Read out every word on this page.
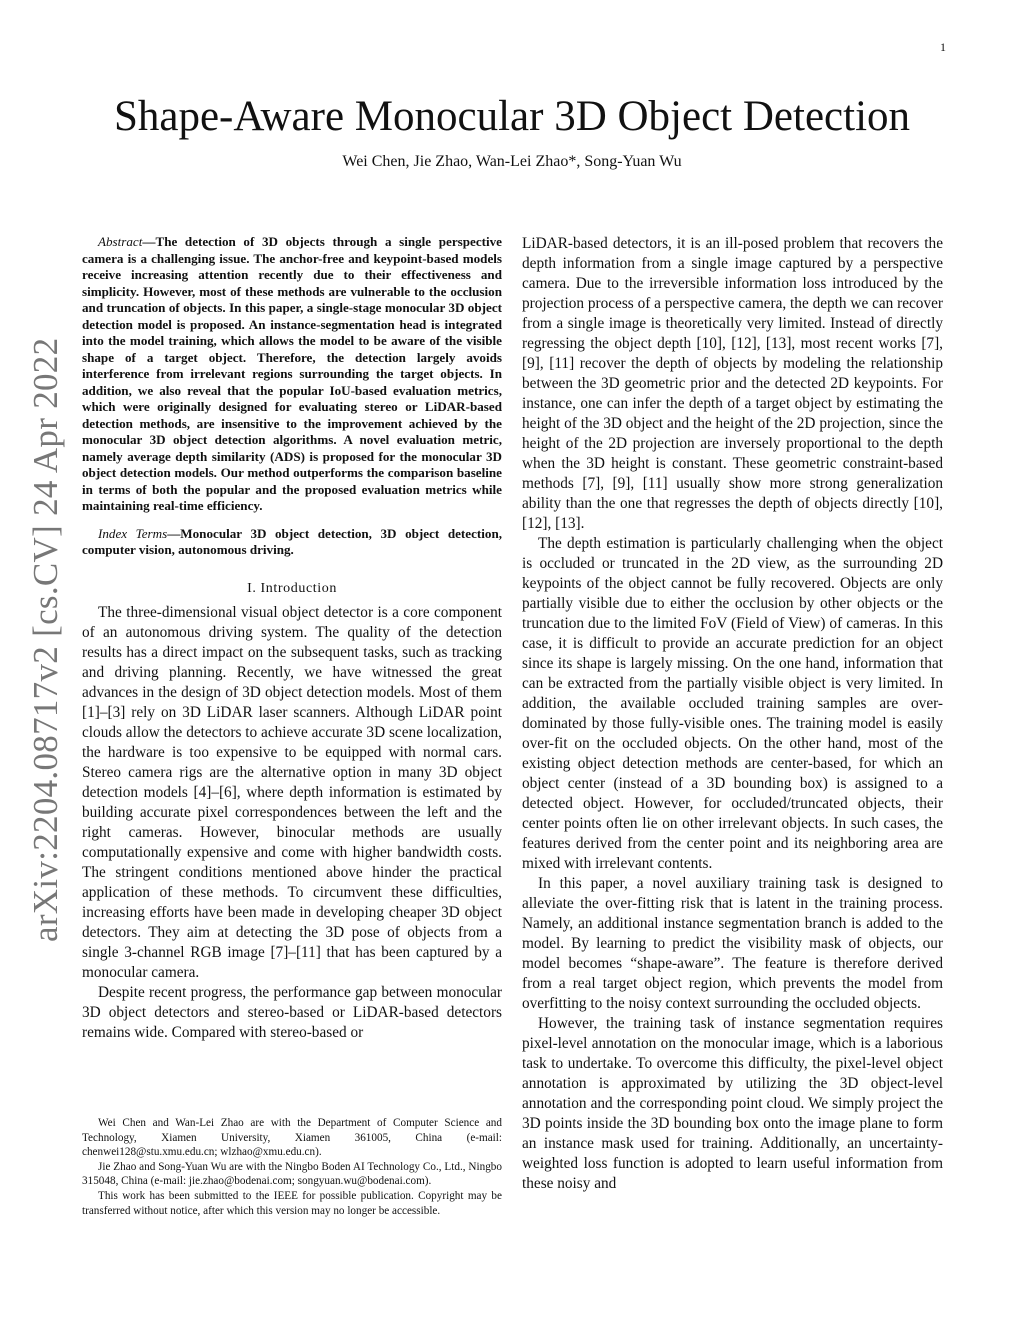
1
arXiv:2204.08717v2 [cs.CV] 24 Apr 2022
Shape-Aware Monocular 3D Object Detection
Wei Chen, Jie Zhao, Wan-Lei Zhao*, Song-Yuan Wu

Abstract—The detection of 3D objects through a single perspective camera is a challenging issue. The anchor-free and keypoint-based models receive increasing attention recently due to their effectiveness and simplicity. However, most of these methods are vulnerable to the occlusion and truncation of objects. In this paper, a single-stage monocular 3D object detection model is proposed. An instance-segmentation head is integrated into the model training, which allows the model to be aware of the visible shape of a target object. Therefore, the detection largely avoids interference from irrelevant regions surrounding the target objects. In addition, we also reveal that the popular IoU-based evaluation metrics, which were originally designed for evaluating stereo or LiDAR-based detection methods, are insensitive to the improvement achieved by the monocular 3D object detection algorithms. A novel evaluation metric, namely average depth similarity (ADS) is proposed for the monocular 3D object detection models. Our method outperforms the comparison baseline in terms of both the popular and the proposed evaluation metrics while maintaining real-time efficiency.

Index Terms—Monocular 3D object detection, 3D object detection, computer vision, autonomous driving.

I. Introduction

The three-dimensional visual object detector is a core component of an autonomous driving system. The quality of the detection results has a direct impact on the subsequent tasks, such as tracking and driving planning. Recently, we have witnessed the great advances in the design of 3D object detection models. Most of them [1]–[3] rely on 3D LiDAR laser scanners. Although LiDAR point clouds allow the detectors to achieve accurate 3D scene localization, the hardware is too expensive to be equipped with normal cars. Stereo camera rigs are the alternative option in many 3D object detection models [4]–[6], where depth information is estimated by building accurate pixel correspondences between the left and the right cameras. However, binocular methods are usually computationally expensive and come with higher bandwidth costs. The stringent conditions mentioned above hinder the practical application of these methods. To circumvent these difficulties, increasing efforts have been made in developing cheaper 3D object detectors. They aim at detecting the 3D pose of objects from a single 3-channel RGB image [7]–[11] that has been captured by a monocular camera.

Despite recent progress, the performance gap between monocular 3D object detectors and stereo-based or LiDAR-based detectors remains wide. Compared with stereo-based or

Wei Chen and Wan-Lei Zhao are with the Department of Computer Science and Technology, Xiamen University, Xiamen 361005, China (e-mail: chenwei128@stu.xmu.edu.cn; wlzhao@xmu.edu.cn).

Jie Zhao and Song-Yuan Wu are with the Ningbo Boden AI Technology Co., Ltd., Ningbo 315048, China (e-mail: jie.zhao@bodenai.com; songyuan.wu@bodenai.com).

This work has been submitted to the IEEE for possible publication. Copyright may be transferred without notice, after which this version may no longer be accessible.

LiDAR-based detectors, it is an ill-posed problem that recovers the depth information from a single image captured by a perspective camera. Due to the irreversible information loss introduced by the projection process of a perspective camera, the depth we can recover from a single image is theoretically very limited. Instead of directly regressing the object depth [10], [12], [13], most recent works [7], [9], [11] recover the depth of objects by modeling the relationship between the 3D geometric prior and the detected 2D keypoints. For instance, one can infer the depth of a target object by estimating the height of the 3D object and the height of the 2D projection, since the height of the 2D projection are inversely proportional to the depth when the 3D height is constant. These geometric constraint-based methods [7], [9], [11] usually show more strong generalization ability than the one that regresses the depth of objects directly [10], [12], [13].

The depth estimation is particularly challenging when the object is occluded or truncated in the 2D view, as the surrounding 2D keypoints of the object cannot be fully recovered. Objects are only partially visible due to either the occlusion by other objects or the truncation due to the limited FoV (Field of View) of cameras. In this case, it is difficult to provide an accurate prediction for an object since its shape is largely missing. On the one hand, information that can be extracted from the partially visible object is very limited. In addition, the available occluded training samples are over-dominated by those fully-visible ones. The training model is easily over-fit on the occluded objects. On the other hand, most of the existing object detection methods are center-based, for which an object center (instead of a 3D bounding box) is assigned to a detected object. However, for occluded/truncated objects, their center points often lie on other irrelevant objects. In such cases, the features derived from the center point and its neighboring area are mixed with irrelevant contents.

In this paper, a novel auxiliary training task is designed to alleviate the over-fitting risk that is latent in the training process. Namely, an additional instance segmentation branch is added to the model. By learning to predict the visibility mask of objects, our model becomes “shape-aware”. The feature is therefore derived from a real target object region, which prevents the model from overfitting to the noisy context surrounding the occluded objects.

However, the training task of instance segmentation requires pixel-level annotation on the monocular image, which is a laborious task to undertake. To overcome this difficulty, the pixel-level object annotation is approximated by utilizing the 3D object-level annotation and the corresponding point cloud. We simply project the 3D points inside the 3D bounding box onto the image plane to form an instance mask used for training. Additionally, an uncertainty-weighted loss function is adopted to learn useful information from these noisy and
